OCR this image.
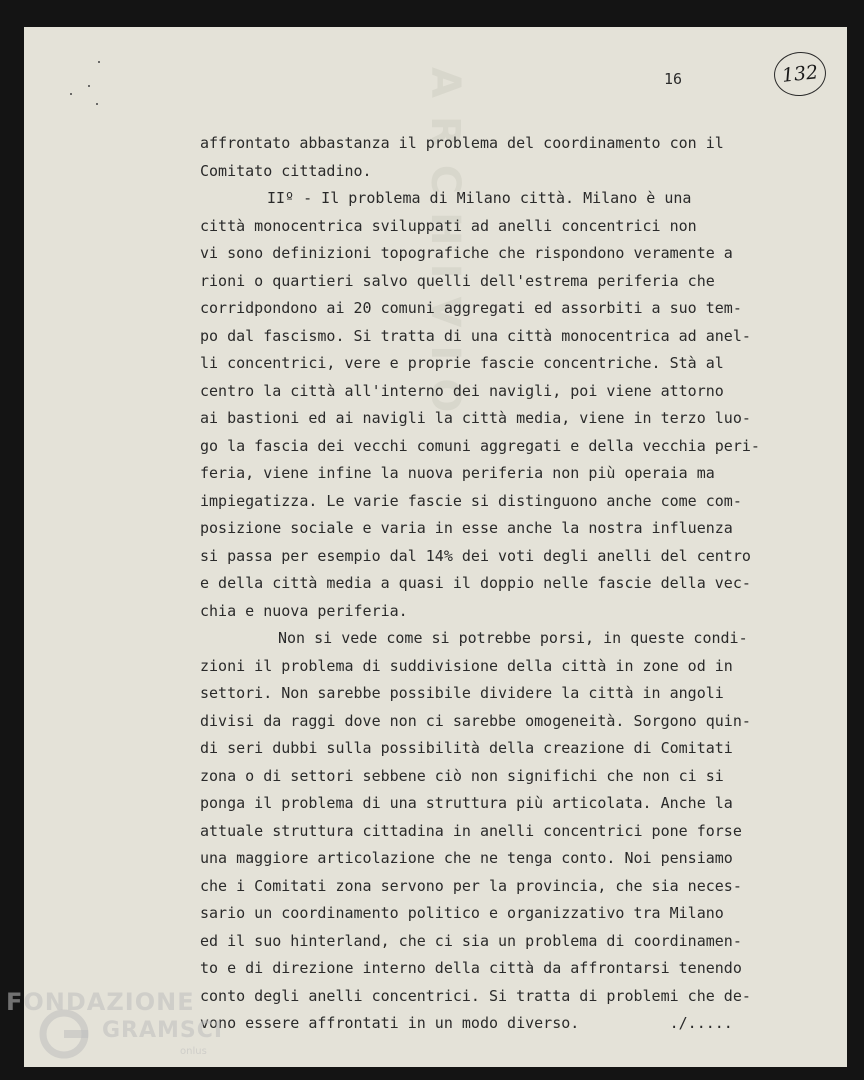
ARCHIVIO	16	132
affrontato abbastanza il problema del coordinamento con il
Comitato cittadino.
IIº - Il problema di Milano città. Milano è una
città monocentrica sviluppati ad anelli concentrici non
vi sono definizioni topografiche che rispondono veramente a
rioni o quartieri salvo quelli dell'estrema periferia che
corridpondono ai 20 comuni aggregati ed assorbiti a suo tem-
po dal fascismo. Si tratta di una città monocentrica ad anel-
li concentrici, vere e proprie fascie concentriche. Stà al
centro la città all'interno dei navigli, poi viene attorno
ai bastioni ed ai navigli la città media, viene in terzo luo-
go la fascia dei vecchi comuni aggregati e della vecchia peri-
feria, viene infine la nuova periferia non più operaia ma
impiegatizza. Le varie fascie si distinguono anche come com-
posizione sociale e varia in esse anche la nostra influenza
si passa per esempio dal 14% dei voti degli anelli del centro
e della città media a quasi il doppio nelle fascie della vec-
chia e nuova periferia.
Non si vede come si potrebbe porsi, in queste condi-
zioni il problema di suddivisione della città in zone od in
settori. Non sarebbe possibile dividere la città in angoli
divisi da raggi dove non ci sarebbe omogeneità. Sorgono quin-
di seri dubbi sulla possibilità della creazione di Comitati
zona o di settori sebbene ciò non significhi che non ci si
ponga il problema di una struttura più articolata. Anche la
attuale struttura cittadina in anelli concentrici pone forse
una maggiore articolazione che ne tenga conto. Noi pensiamo
che i Comitati zona servono per la provincia, che sia neces-
sario un coordinamento politico e organizzativo tra Milano
ed il suo hinterland, che ci sia un problema di coordinamen-
to e di direzione interno della città da affrontarsi tenendo
conto degli anelli concentrici. Si tratta di problemi che de-
vono essere affrontati in un modo diverso.          ./.....
FONDAZIONE
GRAMSCI
onlus
